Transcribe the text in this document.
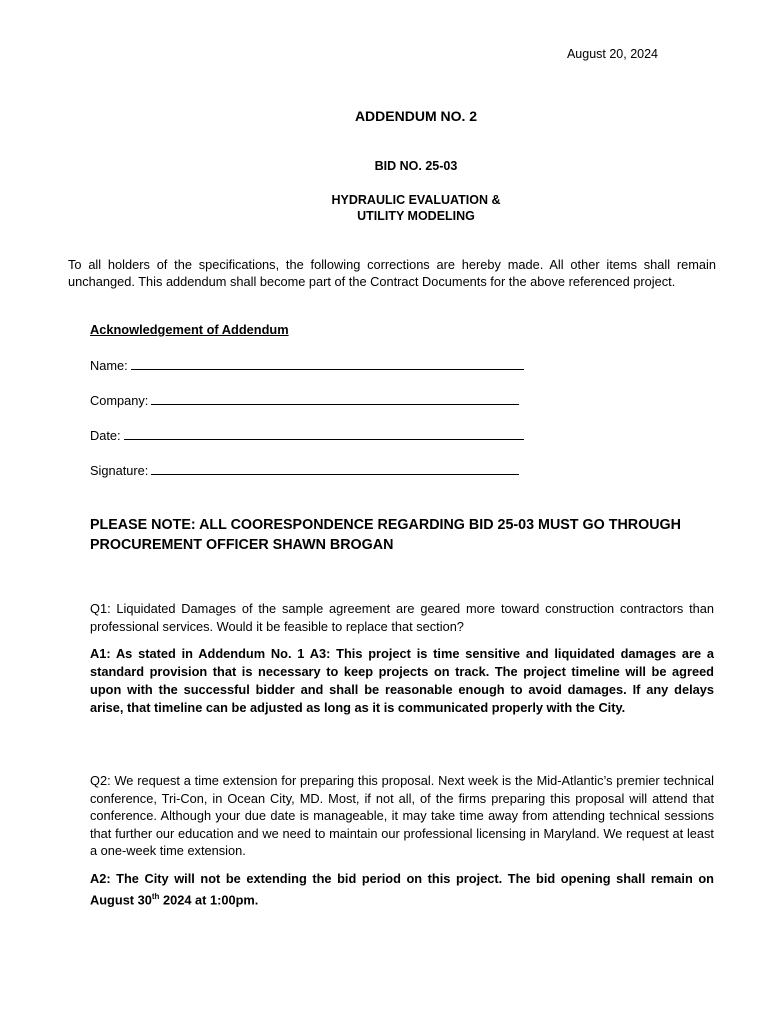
August 20, 2024

ADDENDUM NO. 2

BID NO. 25-03

HYDRAULIC EVALUATION &
UTILITY MODELING

To all holders of the specifications, the following corrections are hereby made. All other items shall remain unchanged. This addendum shall become part of the Contract Documents for the above referenced project.

Acknowledgement of Addendum

Name:
Company:
Date:
Signature:

PLEASE NOTE: ALL COORESPONDENCE REGARDING BID 25-03 MUST GO THROUGH PROCUREMENT OFFICER SHAWN BROGAN

Q1: Liquidated Damages of the sample agreement are geared more toward construction contractors than professional services. Would it be feasible to replace that section?

A1: As stated in Addendum No. 1 A3: This project is time sensitive and liquidated damages are a standard provision that is necessary to keep projects on track. The project timeline will be agreed upon with the successful bidder and shall be reasonable enough to avoid damages. If any delays arise, that timeline can be adjusted as long as it is communicated properly with the City.

Q2: We request a time extension for preparing this proposal. Next week is the Mid-Atlantic’s premier technical conference, Tri-Con, in Ocean City, MD. Most, if not all, of the firms preparing this proposal will attend that conference. Although your due date is manageable, it may take time away from attending technical sessions that further our education and we need to maintain our professional licensing in Maryland. We request at least a one-week time extension.

A2: The City will not be extending the bid period on this project. The bid opening shall remain on August 30th 2024 at 1:00pm.
